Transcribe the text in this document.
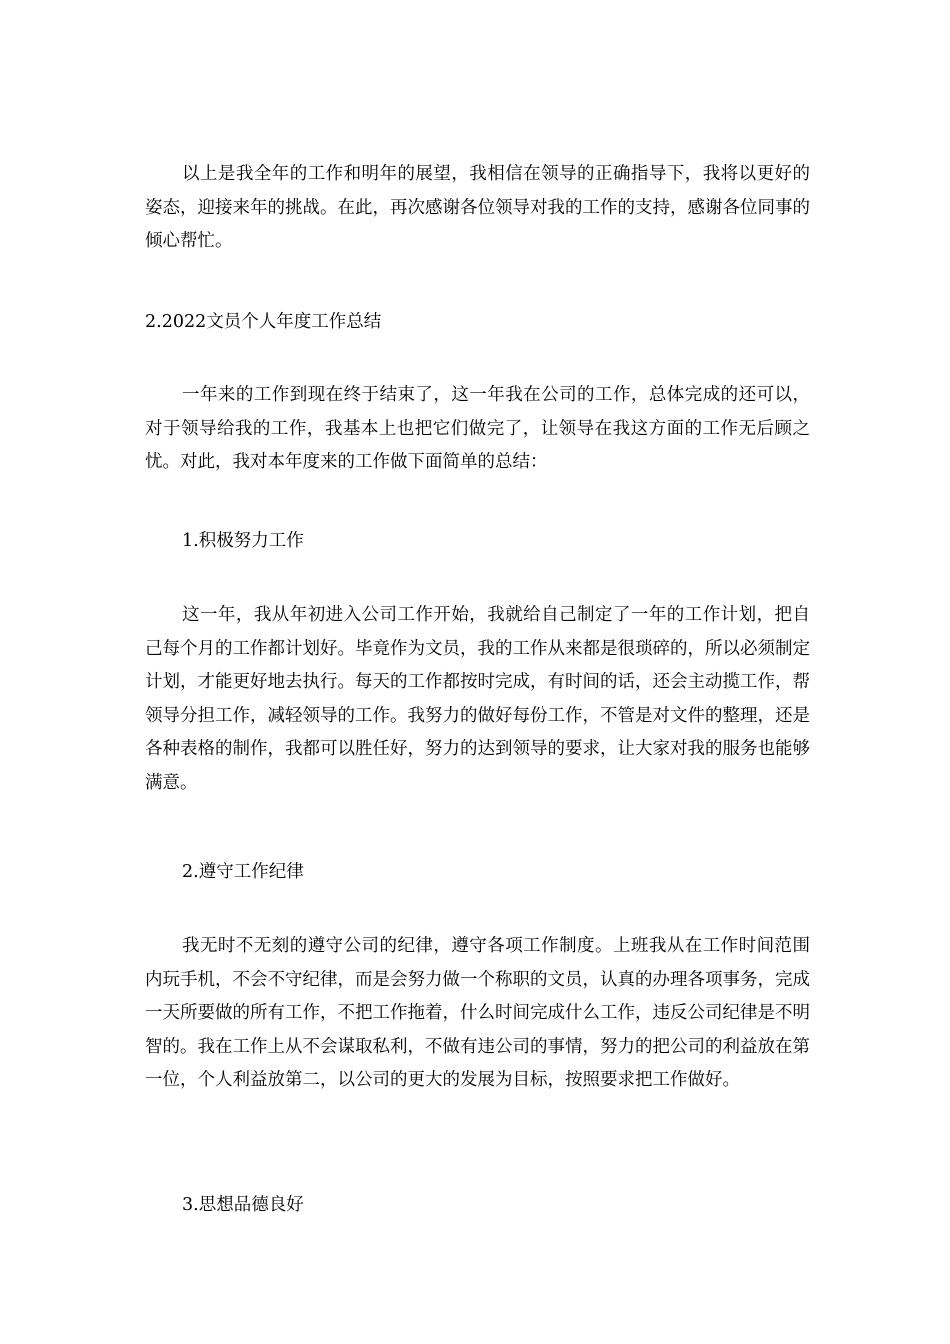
以上是我全年的工作和明年的展望，我相信在领导的正确指导下，我将以更好的姿态，迎接来年的挑战。在此，再次感谢各位领导对我的工作的支持，感谢各位同事的倾心帮忙。

2.2022文员个人年度工作总结

一年来的工作到现在终于结束了，这一年我在公司的工作，总体完成的还可以，对于领导给我的工作，我基本上也把它们做完了，让领导在我这方面的工作无后顾之忧。对此，我对本年度来的工作做下面简单的总结：

1.积极努力工作

这一年，我从年初进入公司工作开始，我就给自己制定了一年的工作计划，把自己每个月的工作都计划好。毕竟作为文员，我的工作从来都是很琐碎的，所以必须制定计划，才能更好地去执行。每天的工作都按时完成，有时间的话，还会主动揽工作，帮领导分担工作，减轻领导的工作。我努力的做好每份工作，不管是对文件的整理，还是各种表格的制作，我都可以胜任好，努力的达到领导的要求，让大家对我的服务也能够满意。

2.遵守工作纪律

我无时不无刻的遵守公司的纪律，遵守各项工作制度。上班我从在工作时间范围内玩手机，不会不守纪律，而是会努力做一个称职的文员，认真的办理各项事务，完成一天所要做的所有工作，不把工作拖着，什么时间完成什么工作，违反公司纪律是不明智的。我在工作上从不会谋取私利，不做有违公司的事情，努力的把公司的利益放在第一位，个人利益放第二，以公司的更大的发展为目标，按照要求把工作做好。

3.思想品德良好
